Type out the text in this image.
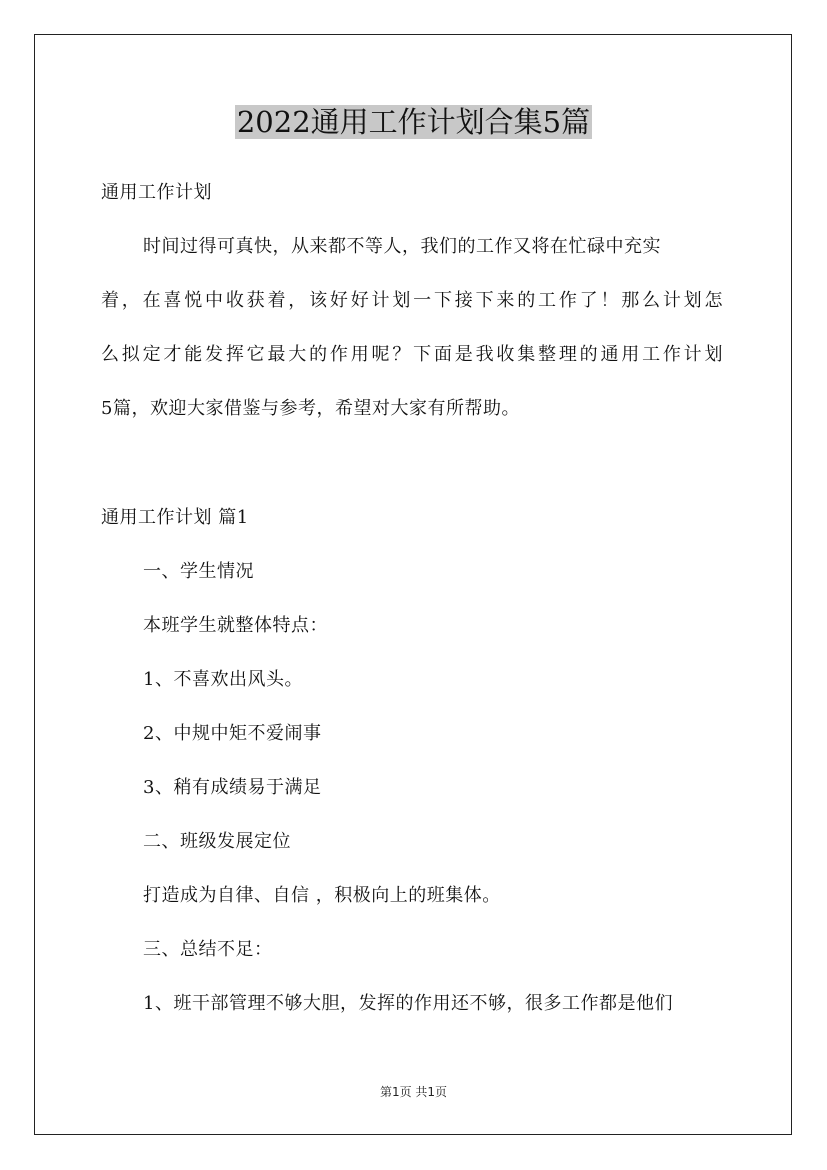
2022通用工作计划合集5篇

通用工作计划

时间过得可真快，从来都不等人，我们的工作又将在忙碌中充实

着，在喜悦中收获着，该好好计划一下接下来的工作了！那么计划怎

么拟定才能发挥它最大的作用呢？下面是我收集整理的通用工作计划

5篇，欢迎大家借鉴与参考，希望对大家有所帮助。

通用工作计划 篇1

一、学生情况

本班学生就整体特点：

1、不喜欢出风头。

2、中规中矩不爱闹事

3、稍有成绩易于满足

二、班级发展定位

打造成为自律、自信 ，积极向上的班集体。

三、总结不足：

1、班干部管理不够大胆，发挥的作用还不够，很多工作都是他们

第1页 共1页
